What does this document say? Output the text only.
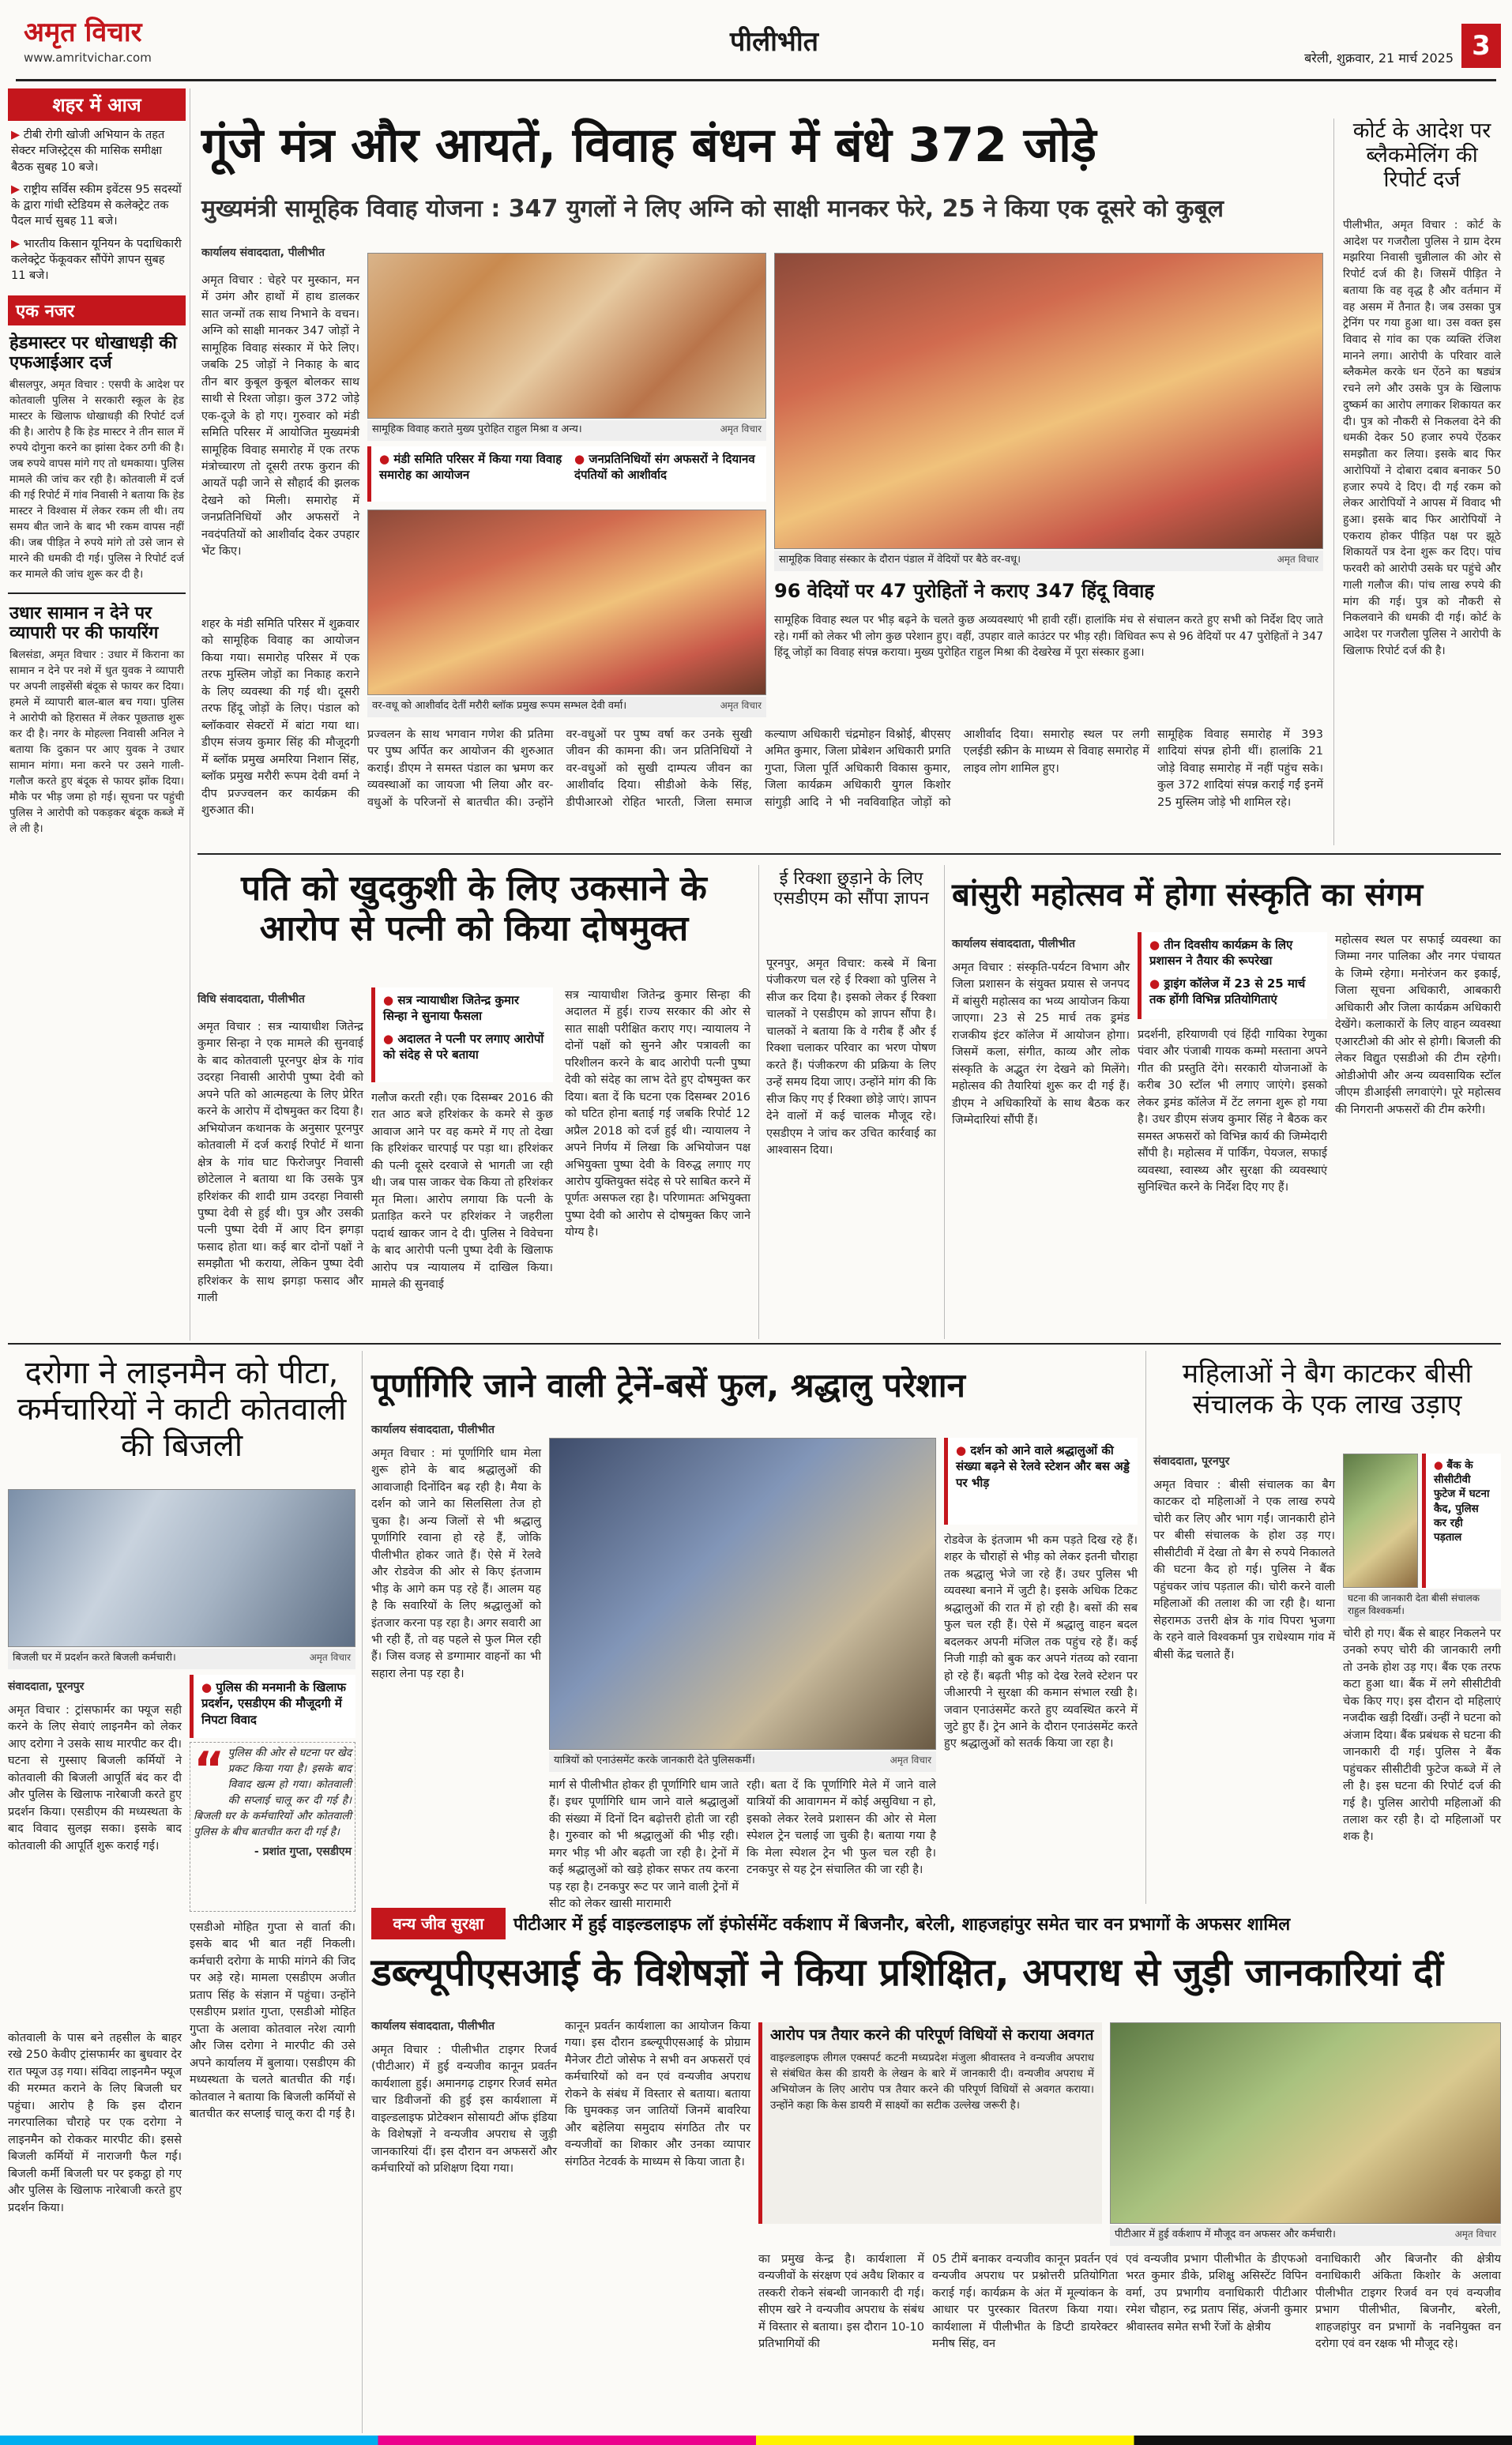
अमृत विचार
www.amritvichar.com	पीलीभीत
बरेली, शुक्रवार, 21 मार्च 2025 3
शहर में आज
▶ टीबी रोगी खोजी अभियान के तहत सेक्टर मजिस्ट्रेट्स की मासिक समीक्षा बैठक सुबह 10 बजे।
▶ राष्ट्रीय सर्विस स्कीम इवेंटस 95 सदस्यों के द्वारा गांधी स्टेडियम से कलेक्ट्रेट तक पैदल मार्च सुबह 11 बजे।
▶ भारतीय किसान यूनियन के पदाधिकारी कलेक्ट्रेट फेंकूवकर सौंपेंगे ज्ञापन सुबह 11 बजे।
एक नजर
हेडमास्टर पर धोखाधड़ी की एफआईआर दर्ज
बीसलपुर, अमृत विचार : एसपी के आदेश पर कोतवाली पुलिस ने सरकारी स्कूल के हेड मास्टर के खिलाफ धोखाधड़ी की रिपोर्ट दर्ज की है। आरोप है कि हेड मास्टर ने तीन साल में रुपये दोगुना करने का झांसा देकर ठगी की है। जब रुपये वापस मांगे गए तो धमकाया। पुलिस मामले की जांच कर रही है। कोतवाली में दर्ज की गई रिपोर्ट में गांव निवासी ने बताया कि हेड मास्टर ने विश्वास में लेकर रकम ली थी। तय समय बीत जाने के बाद भी रकम वापस नहीं की। जब पीड़ित ने रुपये मांगे तो उसे जान से मारने की धमकी दी गई। पुलिस ने रिपोर्ट दर्ज कर मामले की जांच शुरू कर दी है।
उधार सामान न देने पर व्यापारी पर की फायरिंग
बिलसंडा, अमृत विचार : उधार में किराना का सामान न देने पर नशे में धुत युवक ने व्यापारी पर अपनी लाइसेंसी बंदूक से फायर कर दिया। हमले में व्यापारी बाल-बाल बच गया। पुलिस ने आरोपी को हिरासत में लेकर पूछताछ शुरू कर दी है। नगर के मोहल्ला निवासी अनिल ने बताया कि दुकान पर आए युवक ने उधार सामान मांगा। मना करने पर उसने गाली-गलौज करते हुए बंदूक से फायर झोंक दिया। मौके पर भीड़ जमा हो गई। सूचना पर पहुंची पुलिस ने आरोपी को पकड़कर बंदूक कब्जे में ले ली है।
गूंजे मंत्र और आयतें, विवाह बंधन में बंधे 372 जोड़े
मुख्यमंत्री सामूहिक विवाह योजना : 347 युगलों ने लिए अग्नि को साक्षी मानकर फेरे, 25 ने किया एक दूसरे को कुबूल
कार्यालय संवाददाता, पीलीभीत
अमृत विचार : चेहरे पर मुस्कान, मन में उमंग और हाथों में हाथ डालकर सात जन्मों तक साथ निभाने के वचन। अग्नि को साक्षी मानकर 347 जोड़ों ने सामूहिक विवाह संस्कार में फेरे लिए। जबकि 25 जोड़ों ने निकाह के बाद तीन बार कुबूल कुबूल बोलकर साथ साथी से रिश्ता जोड़ा। कुल 372 जोड़े एक-दूजे के हो गए। गुरुवार को मंडी समिति परिसर में आयोजित मुख्यमंत्री सामूहिक विवाह समारोह में एक तरफ मंत्रोच्चारण तो दूसरी तरफ कुरान की आयतें पढ़ी जाने से सौहार्द की झलक देखने को मिली। समारोह में जनप्रतिनिधियों और अफसरों ने नवदंपतियों को आशीर्वाद देकर उपहार भेंट किए।
शहर के मंडी समिति परिसर में शुक्रवार को सामूहिक विवाह का आयोजन किया गया। समारोह परिसर में एक तरफ मुस्लिम जोड़ों का निकाह कराने के लिए व्यवस्था की गई थी। दूसरी तरफ हिंदू जोड़ों के लिए। पंडाल को ब्लॉकवार सेक्टरों में बांटा गया था। डीएम संजय कुमार सिंह की मौजूदगी में ब्लॉक प्रमुख अमरिया निशान सिंह, ब्लॉक प्रमुख मरौरी रूपम देवी वर्मा ने दीप प्रज्ज्वलन कर कार्यक्रम की शुरुआत की।
सामूहिक विवाह कराते मुख्य पुरोहित राहुल मिश्रा व अन्य।	अमृत विचार
● मंडी समिति परिसर में किया गया विवाह समारोह का आयोजन
● जनप्रतिनिधियों संग अफसरों ने दियानव दंपतियों को आशीर्वाद
वर-वधू को आशीर्वाद देतीं मरौरी ब्लॉक प्रमुख रूपम सम्भल देवी वर्मा।	अमृत विचार
सामूहिक विवाह संस्कार के दौरान पंडाल में वेदियों पर बैठे वर-वधू।	अमृत विचार
96 वेदियों पर 47 पुरोहितों ने कराए 347 हिंदू विवाह
सामूहिक विवाह स्थल पर भीड़ बढ़ने के चलते कुछ अव्यवस्थाएं भी हावी रहीं। हालांकि मंच से संचालन करते हुए सभी को निर्देश दिए जाते रहे। गर्मी को लेकर भी लोग कुछ परेशान हुए। वहीं, उपहार वाले काउंटर पर भीड़ रही। विधिवत रूप से 96 वेदियों पर 47 पुरोहितों ने 347 हिंदू जोड़ों का विवाह संपन्न कराया। मुख्य पुरोहित राहुल मिश्रा की देखरेख में पूरा संस्कार हुआ।
प्रज्वलन के साथ भगवान गणेश की प्रतिमा पर पुष्प अर्पित कर आयोजन की शुरुआत कराई। डीएम ने समस्त पंडाल का भ्रमण कर व्यवस्थाओं का जायजा भी लिया और वर-वधुओं के परिजनों से बातचीत की। उन्होंने वर-वधुओं पर पुष्प वर्षा कर उनके सुखी जीवन की कामना की। जन प्रतिनिधियों ने वर-वधुओं को सुखी दाम्पत्य जीवन का आशीर्वाद दिया। सीडीओ केके सिंह, डीपीआरओ रोहित भारती, जिला समाज कल्याण अधिकारी चंद्रमोहन विश्नोई, बीएसए अमित कुमार, जिला प्रोबेशन अधिकारी प्रगति गुप्ता, जिला पूर्ति अधिकारी विकास कुमार, जिला कार्यक्रम अधिकारी युगल किशोर सांगुड़ी आदि ने भी नवविवाहित जोड़ों को आशीर्वाद दिया। समारोह स्थल पर लगी एलईडी स्क्रीन के माध्यम से विवाह समारोह में लाइव लोग शामिल हुए।
सामूहिक विवाह समारोह में 393 शादियां संपन्न होनी थीं। हालांकि 21 जोड़े विवाह समारोह में नहीं पहुंच सके। कुल 372 शादियां संपन्न कराई गईं इनमें 25 मुस्लिम जोड़े भी शामिल रहे।
कोर्ट के आदेश पर ब्लैकमेलिंग की रिपोर्ट दर्ज
पीलीभीत, अमृत विचार : कोर्ट के आदेश पर गजरौला पुलिस ने ग्राम देरम मझरिया निवासी चुन्नीलाल की ओर से रिपोर्ट दर्ज की है। जिसमें पीड़ित ने बताया कि वह वृद्ध है और वर्तमान में वह असम में तैनात है। जब उसका पुत्र ट्रेनिंग पर गया हुआ था। उस वक्त इस विवाद से गांव का एक व्यक्ति रंजिश मानने लगा। आरोपी के परिवार वाले ब्लैकमेल करके धन ऐंठने का षड्यंत्र रचने लगे और उसके पुत्र के खिलाफ दुष्कर्म का आरोप लगाकर शिकायत कर दी। पुत्र को नौकरी से निकलवा देने की धमकी देकर 50 हजार रुपये ऐंठकर समझौता कर लिया। इसके बाद फिर आरोपियों ने दोबारा दबाव बनाकर 50 हजार रुपये दे दिए। दी गई रकम को लेकर आरोपियों ने आपस में विवाद भी हुआ। इसके बाद फिर आरोपियों ने एकराय होकर पीड़ित पक्ष पर झूठे शिकायतें पत्र देना शुरू कर दिए। पांच फरवरी को आरोपी उसके घर पहुंचे और गाली गलौज की। पांच लाख रुपये की मांग की गई। पुत्र को नौकरी से निकलवाने की धमकी दी गई। कोर्ट के आदेश पर गजरौला पुलिस ने आरोपी के खिलाफ रिपोर्ट दर्ज की है।
पति को खुदकुशी के लिए उकसाने के आरोप से पत्नी को किया दोषमुक्त
विधि संवाददाता, पीलीभीत	● सत्र न्यायाधीश जितेन्द्र कुमार सिन्हा ने सुनाया फैसला
● अदालत ने पत्नी पर लगाए आरोपों को संदेह से परे बताया
अमृत विचार : सत्र न्यायाधीश जितेन्द्र कुमार सिन्हा ने एक मामले की सुनवाई के बाद कोतवाली पूरनपुर क्षेत्र के गांव उदरहा निवासी आरोपी पुष्पा देवी को अपने पति को आत्महत्या के लिए प्रेरित करने के आरोप में दोषमुक्त कर दिया है। अभियोजन कथानक के अनुसार पूरनपुर कोतवाली में दर्ज कराई रिपोर्ट में थाना क्षेत्र के गांव घाट फिरोजपुर निवासी छोटेलाल ने बताया था कि उसके पुत्र हरिशंकर की शादी ग्राम उदरहा निवासी पुष्पा देवी से हुई थी। पुत्र और उसकी पत्नी पुष्पा देवी में आए दिन झगड़ा फसाद होता था। कई बार दोनों पक्षों ने समझौता भी कराया, लेकिन पुष्पा देवी हरिशंकर के साथ झगड़ा फसाद और गाली
गलौज करती रही। एक दिसम्बर 2016 की रात आठ बजे हरिशंकर के कमरे से कुछ आवाज आने पर वह कमरे में गए तो देखा कि हरिशंकर चारपाई पर पड़ा था। हरिशंकर की पत्नी दूसरे दरवाजे से भागती जा रही थी। जब पास जाकर चेक किया तो हरिशंकर मृत मिला। आरोप लगाया कि पत्नी के प्रताड़ित करने पर हरिशंकर ने जहरीला पदार्थ खाकर जान दे दी। पुलिस ने विवेचना के बाद आरोपी पत्नी पुष्पा देवी के खिलाफ आरोप पत्र न्यायालय में दाखिल किया। मामले की सुनवाई
सत्र न्यायाधीश जितेन्द्र कुमार सिन्हा की अदालत में हुई। राज्य सरकार की ओर से सात साक्षी परीक्षित कराए गए। न्यायालय ने दोनों पक्षों को सुनने और पत्रावली का परिशीलन करने के बाद आरोपी पत्नी पुष्पा देवी को संदेह का लाभ देते हुए दोषमुक्त कर दिया। बता दें कि घटना एक दिसम्बर 2016 को घटित होना बताई गई जबकि रिपोर्ट 12 अप्रैल 2018 को दर्ज हुई थी। न्यायालय ने अपने निर्णय में लिखा कि अभियोजन पक्ष अभियुक्ता पुष्पा देवी के विरुद्ध लगाए गए आरोप युक्तियुक्त संदेह से परे साबित करने में पूर्णतः असफल रहा है। परिणामतः अभियुक्ता पुष्पा देवी को आरोप से दोषमुक्त किए जाने योग्य है।
ई रिक्शा छुड़ाने के लिए एसडीएम को सौंपा ज्ञापन
पूरनपुर, अमृत विचार: कस्बे में बिना पंजीकरण चल रहे ई रिक्शा को पुलिस ने सीज कर दिया है। इसको लेकर ई रिक्शा चालकों ने एसडीएम को ज्ञापन सौंपा है। चालकों ने बताया कि वे गरीब हैं और ई रिक्शा चलाकर परिवार का भरण पोषण करते हैं। पंजीकरण की प्रक्रिया के लिए उन्हें समय दिया जाए। उन्होंने मांग की कि सीज किए गए ई रिक्शा छोड़े जाएं। ज्ञापन देने वालों में कई चालक मौजूद रहे। एसडीएम ने जांच कर उचित कार्रवाई का आश्वासन दिया।
बांसुरी महोत्सव में होगा संस्कृति का संगम
कार्यालय संवाददाता, पीलीभीत	● तीन दिवसीय कार्यक्रम के लिए प्रशासन ने तैयार की रूपरेखा
● ड्राइंग कॉलेज में 23 से 25 मार्च तक होंगी विभिन्न प्रतियोगिताएं
अमृत विचार : संस्कृति-पर्यटन विभाग और जिला प्रशासन के संयुक्त प्रयास से जनपद में बांसुरी महोत्सव का भव्य आयोजन किया जाएगा। 23 से 25 मार्च तक ड्रमंड राजकीय इंटर कॉलेज में आयोजन होगा। जिसमें कला, संगीत, काव्य और लोक संस्कृति के अद्भुत रंग देखने को मिलेंगे। महोत्सव की तैयारियां शुरू कर दी गई हैं। डीएम ने अधिकारियों के साथ बैठक कर जिम्मेदारियां सौंपी हैं।
प्रदर्शनी, हरियाणवी एवं हिंदी गायिका रेणुका पंवार और पंजाबी गायक कम्मो मस्ताना अपने गीत की प्रस्तुति देंगे। सरकारी योजनाओं के करीब 30 स्टॉल भी लगाए जाएंगे। इसको लेकर ड्रमंड कॉलेज में टेंट लगना शुरू हो गया है। उधर डीएम संजय कुमार सिंह ने बैठक कर समस्त अफसरों को विभिन्न कार्य की जिम्मेदारी सौंपी है। महोत्सव में पार्किंग, पेयजल, सफाई व्यवस्था, स्वास्थ्य और सुरक्षा की व्यवस्थाएं सुनिश्चित करने के निर्देश दिए गए हैं।
महोत्सव स्थल पर सफाई व्यवस्था का जिम्मा नगर पालिका और नगर पंचायत के जिम्मे रहेगा। मनोरंजन कर इकाई, जिला सूचना अधिकारी, आबकारी अधिकारी और जिला कार्यक्रम अधिकारी देखेंगे। कलाकारों के लिए वाहन व्यवस्था एआरटीओ की ओर से होगी। बिजली की लेकर विद्युत एसडीओ की टीम रहेगी। ओडीओपी और अन्य व्यवसायिक स्टॉल जीएम डीआईसी लगवाएंगे। पूरे महोत्सव की निगरानी अफसरों की टीम करेगी।
दरोगा ने लाइनमैन को पीटा, कर्मचारियों ने काटी कोतवाली की बिजली
बिजली घर में प्रदर्शन करते बिजली कर्मचारी।	अमृत विचार
संवाददाता, पूरनपुर	● पुलिस की मनमानी के खिलाफ प्रदर्शन, एसडीएम की मौजूदगी में निपटा विवाद
“ पुलिस की ओर से घटना पर खेद प्रकट किया गया है। इसके बाद विवाद खत्म हो गया। कोतवाली की सप्लाई चालू कर दी गई है। बिजली घर के कर्मचारियों और कोतवाली पुलिस के बीच बातचीत करा दी गई है।
- प्रशांत गुप्ता, एसडीएम
अमृत विचार : ट्रांसफार्मर का फ्यूज सही करने के लिए सेवाएं लाइनमैन को लेकर आए दरोगा ने उसके साथ मारपीट कर दी। घटना से गुस्साए बिजली कर्मियों ने कोतवाली की बिजली आपूर्ति बंद कर दी और पुलिस के खिलाफ नारेबाजी करते हुए प्रदर्शन किया। एसडीएम की मध्यस्थता के बाद विवाद सुलझ सका। इसके बाद कोतवाली की आपूर्ति शुरू कराई गई।
कोतवाली के पास बने तहसील के बाहर रखे 250 केवीए ट्रांसफार्मर का बुधवार देर रात फ्यूज उड़ गया। संविदा लाइनमैन फ्यूज की मरम्मत कराने के लिए बिजली घर पहुंचा। आरोप है कि इस दौरान नगरपालिका चौराहे पर एक दरोगा ने लाइनमैन को रोककर मारपीट की। इससे बिजली कर्मियों में नाराजगी फैल गई। बिजली कर्मी बिजली घर पर इकट्ठा हो गए और पुलिस के खिलाफ नारेबाजी करते हुए प्रदर्शन किया।
एसडीओ मोहित गुप्ता से वार्ता की। इसके बाद भी बात नहीं निकली। कर्मचारी दरोगा के माफी मांगने की जिद पर अड़े रहे। मामला एसडीएम अजीत प्रताप सिंह के संज्ञान में पहुंचा। उन्होंने एसडीएम प्रशांत गुप्ता, एसडीओ मोहित गुप्ता के अलावा कोतवाल नरेश त्यागी और जिस दरोगा ने मारपीट की उसे अपने कार्यालय में बुलाया। एसडीएम की मध्यस्थता के चलते बातचीत की गई। कोतवाल ने बताया कि बिजली कर्मियों से बातचीत कर सप्लाई चालू करा दी गई है।
पूर्णागिरि जाने वाली ट्रेनें-बसें फुल, श्रद्धालु परेशान
कार्यालय संवाददाता, पीलीभीत
अमृत विचार : मां पूर्णागिरि धाम मेला शुरू होने के बाद श्रद्धालुओं की आवाजाही दिनोंदिन बढ़ रही है। मैया के दर्शन को जाने का सिलसिला तेज हो चुका है। अन्य जिलों से भी श्रद्धालु पूर्णागिरि रवाना हो रहे हैं, जोकि पीलीभीत होकर जाते हैं। ऐसे में रेलवे और रोडवेज की ओर से किए इंतजाम भीड़ के आगे कम पड़ रहे हैं। आलम यह है कि सवारियों के लिए श्रद्धालुओं को इंतजार करना पड़ रहा है। अगर सवारी आ भी रही हैं, तो वह पहले से फुल मिल रही हैं। जिस वजह से डग्गामार वाहनों का भी सहारा लेना पड़ रहा है।
यात्रियों को एनाउंसमेंट करके जानकारी देते पुलिसकर्मी।	अमृत विचार
मार्ग से पीलीभीत होकर ही पूर्णागिरि धाम जाते हैं। इधर पूर्णागिरि धाम जाने वाले श्रद्धालुओं की संख्या में दिनों दिन बढ़ोत्तरी होती जा रही है। गुरुवार को भी श्रद्धालुओं की भीड़ रही। मगर भीड़ भी और बढ़ती जा रही है। ट्रेनों में कई श्रद्धालुओं को खड़े होकर सफर तय करना पड़ रहा है। टनकपुर रूट पर जाने वाली ट्रेनों में सीट को लेकर खासी मारामारी
रही। बता दें कि पूर्णागिरि मेले में जाने वाले यात्रियों की आवागमन में कोई असुविधा न हो, इसको लेकर रेलवे प्रशासन की ओर से मेला स्पेशल ट्रेन चलाई जा चुकी है। बताया गया है कि मेला स्पेशल ट्रेन भी फुल चल रही है। टनकपुर से यह ट्रेन संचालित की जा रही है।
● दर्शन को आने वाले श्रद्धालुओं की संख्या बढ़ने से रेलवे स्टेशन और बस अड्डे पर भीड़
रोडवेज के इंतजाम भी कम पड़ते दिख रहे हैं। शहर के चौराहों से भीड़ को लेकर इतनी चौराहा तक श्रद्धालु भेजे जा रहे हैं। उधर पुलिस भी व्यवस्था बनाने में जुटी है। इसके अधिक टिकट श्रद्धालुओं की रात में हो रही है। बसों की सब फुल चल रही हैं। ऐसे में श्रद्धालु वाहन बदल बदलकर अपनी मंजिल तक पहुंच रहे हैं। कई निजी गाड़ी को बुक कर अपने गंतव्य को रवाना हो रहे हैं। बढ़ती भीड़ को देख रेलवे स्टेशन पर जीआरपी ने सुरक्षा की कमान संभाल रखी है। जवान एनाउंसमेंट करते हुए व्यवस्थित करने में जुटे हुए हैं। ट्रेन आने के दौरान एनाउंसमेंट करते हुए श्रद्धालुओं को सतर्क किया जा रहा है।
महिलाओं ने बैग काटकर बीसी संचालक के एक लाख उड़ाए
संवाददाता, पूरनपुर
अमृत विचार : बीसी संचालक का बैग काटकर दो महिलाओं ने एक लाख रुपये चोरी कर लिए और भाग गईं। जानकारी होने पर बीसी संचालक के होश उड़ गए। सीसीटीवी में देखा तो बैग से रुपये निकालते की घटना कैद हो गई। पुलिस ने बैंक पहुंचकर जांच पड़ताल की। चोरी करने वाली महिलाओं की तलाश की जा रही है। थाना सेहरामऊ उत्तरी क्षेत्र के गांव पिपरा भुजगा के रहने वाले विश्वकर्मा पुत्र राधेश्याम गांव में बीसी केंद्र चलाते हैं।
● बैंक के सीसीटीवी फुटेज में घटना कैद, पुलिस कर रही पड़ताल
घटना की जानकारी देता बीसी संचालक राहुल विश्वकर्मा।
चोरी हो गए। बैंक से बाहर निकलने पर उनको रुपए चोरी की जानकारी लगी तो उनके होश उड़ गए। बैंक एक तरफ कटा हुआ था। बैंक में लगे सीसीटीवी चेक किए गए। इस दौरान दो महिलाएं नजदीक खड़ी दिखीं। उन्हीं ने घटना को अंजाम दिया। बैंक प्रबंधक से घटना की जानकारी दी गई। पुलिस ने बैंक पहुंचकर सीसीटीवी फुटेज कब्जे में ले ली है। इस घटना की रिपोर्ट दर्ज की गई है। पुलिस आरोपी महिलाओं की तलाश कर रही है। दो महिलाओं पर शक है।
वन्य जीव सुरक्षा	पीटीआर में हुई वाइल्डलाइफ लॉ इंफोर्समेंट वर्कशाप में बिजनौर, बरेली, शाहजहांपुर समेत चार वन प्रभागों के अफसर शामिल
डब्ल्यूपीएसआई के विशेषज्ञों ने किया प्रशिक्षित, अपराध से जुड़ी जानकारियां दीं
कार्यालय संवाददाता, पीलीभीत
अमृत विचार : पीलीभीत टाइगर रिजर्व (पीटीआर) में हुई वन्यजीव कानून प्रवर्तन कार्यशाला हुई। अमानगढ़ टाइगर रिजर्व समेत चार डिवीजनों की हुई इस कार्यशाला में वाइल्डलाइफ प्रोटेक्शन सोसायटी ऑफ इंडिया के विशेषज्ञों ने वन्यजीव अपराध से जुड़ी जानकारियां दीं। इस दौरान वन अफसरों और कर्मचारियों को प्रशिक्षण दिया गया।
कानून प्रवर्तन कार्यशाला का आयोजन किया गया। इस दौरान डब्ल्यूपीएसआई के प्रोग्राम मैनेजर टीटो जोसेफ ने सभी वन अफसरों एवं कर्मचारियों को वन एवं वन्यजीव अपराध रोकने के संबंध में विस्तार से बताया। बताया कि घुमक्कड़ जन जातियों जिनमें बावरिया और बहेलिया समुदाय संगठित तौर पर वन्यजीवों का शिकार और उनका व्यापार संगठित नेटवर्क के माध्यम से किया जाता है।
आरोप पत्र तैयार करने की परिपूर्ण विधियों से कराया अवगत
वाइल्डलाइफ लीगल एक्सपर्ट कटनी मध्यप्रदेश मंजुला श्रीवास्तव ने वन्यजीव अपराध से संबंधित केस की डायरी के लेखन के बारे में जानकारी दी। वन्यजीव अपराध में अभियोजन के लिए आरोप पत्र तैयार करने की परिपूर्ण विधियों से अवगत कराया। उन्होंने कहा कि केस डायरी में साक्ष्यों का सटीक उल्लेख जरूरी है।
पीटीआर में हुई वर्कशाप में मौजूद वन अफसर और कर्मचारी।	अमृत विचार
का प्रमुख केन्द्र है। कार्यशाला में वन्यजीवों के संरक्षण एवं अवैध शिकार व तस्करी रोकने संबन्धी जानकारी दी गई। सीएम खरे ने वन्यजीव अपराध के संबंध में विस्तार से बताया। इस दौरान 10-10 प्रतिभागियों की
05 टीमें बनाकर वन्यजीव कानून प्रवर्तन एवं वन्यजीव अपराध पर प्रश्नोत्तरी प्रतियोगिता कराई गई। कार्यक्रम के अंत में मूल्यांकन के आधार पर पुरस्कार वितरण किया गया। कार्यशाला में पीलीभीत के डिप्टी डायरेक्टर मनीष सिंह, वन
एवं वन्यजीव प्रभाग पीलीभीत के डीएफओ भरत कुमार डीके, प्रशिक्षु असिस्टेंट विपिन वर्मा, उप प्रभागीय वनाधिकारी पीटीआर रमेश चौहान, रुद्र प्रताप सिंह, अंजनी कुमार श्रीवास्तव समेत सभी रेंजों के क्षेत्रीय
वनाधिकारी और बिजनौर की क्षेत्रीय वनाधिकारी अंकिता किशोर के अलावा पीलीभीत टाइगर रिजर्व वन एवं वन्यजीव प्रभाग पीलीभीत, बिजनौर, बरेली, शाहजहांपुर वन प्रभागों के नवनियुक्त वन दरोगा एवं वन रक्षक भी मौजूद रहे।
